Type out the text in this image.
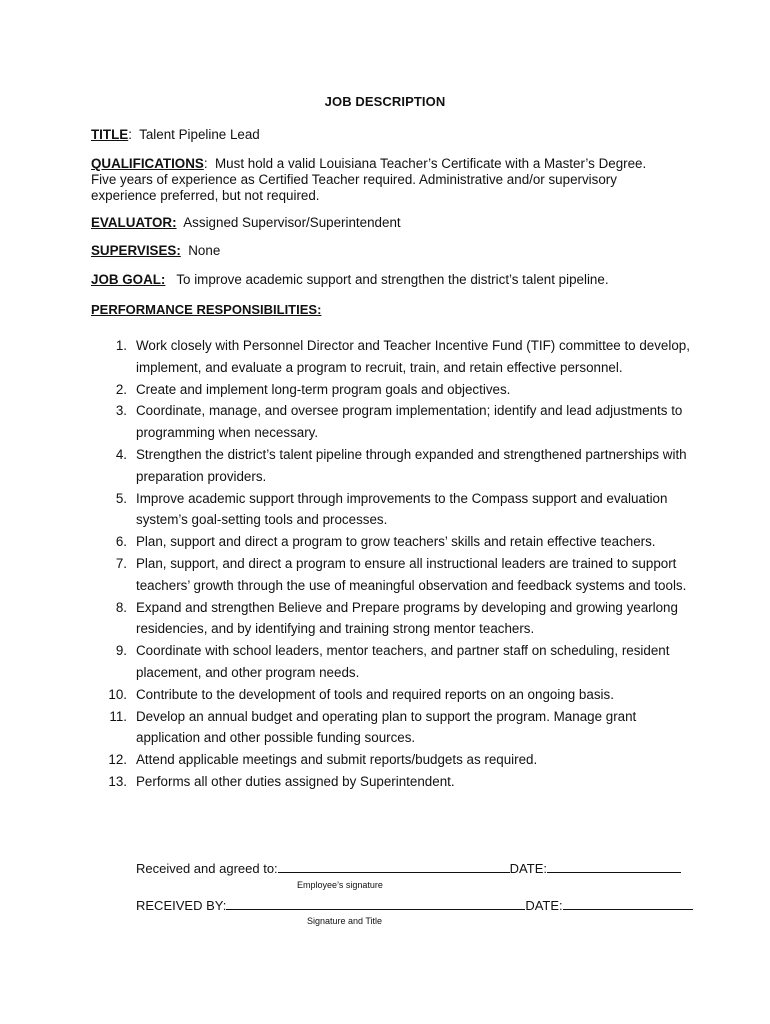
JOB DESCRIPTION
TITLE: Talent Pipeline Lead
QUALIFICATIONS: Must hold a valid Louisiana Teacher’s Certificate with a Master’s Degree. Five years of experience as Certified Teacher required. Administrative and/or supervisory experience preferred, but not required.
EVALUATOR: Assigned Supervisor/Superintendent
SUPERVISES: None
JOB GOAL: To improve academic support and strengthen the district’s talent pipeline.
PERFORMANCE RESPONSIBILITIES:
1. Work closely with Personnel Director and Teacher Incentive Fund (TIF) committee to develop, implement, and evaluate a program to recruit, train, and retain effective personnel.
2. Create and implement long-term program goals and objectives.
3. Coordinate, manage, and oversee program implementation; identify and lead adjustments to programming when necessary.
4. Strengthen the district’s talent pipeline through expanded and strengthened partnerships with preparation providers.
5. Improve academic support through improvements to the Compass support and evaluation system’s goal-setting tools and processes.
6. Plan, support and direct a program to grow teachers’ skills and retain effective teachers.
7. Plan, support, and direct a program to ensure all instructional leaders are trained to support teachers’ growth through the use of meaningful observation and feedback systems and tools.
8. Expand and strengthen Believe and Prepare programs by developing and growing yearlong residencies, and by identifying and training strong mentor teachers.
9. Coordinate with school leaders, mentor teachers, and partner staff on scheduling, resident placement, and other program needs.
10. Contribute to the development of tools and required reports on an ongoing basis.
11. Develop an annual budget and operating plan to support the program. Manage grant application and other possible funding sources.
12. Attend applicable meetings and submit reports/budgets as required.
13. Performs all other duties assigned by Superintendent.
Received and agreed to:	DATE:
Employee’s signature
RECEIVED BY:	DATE:
Signature and Title
